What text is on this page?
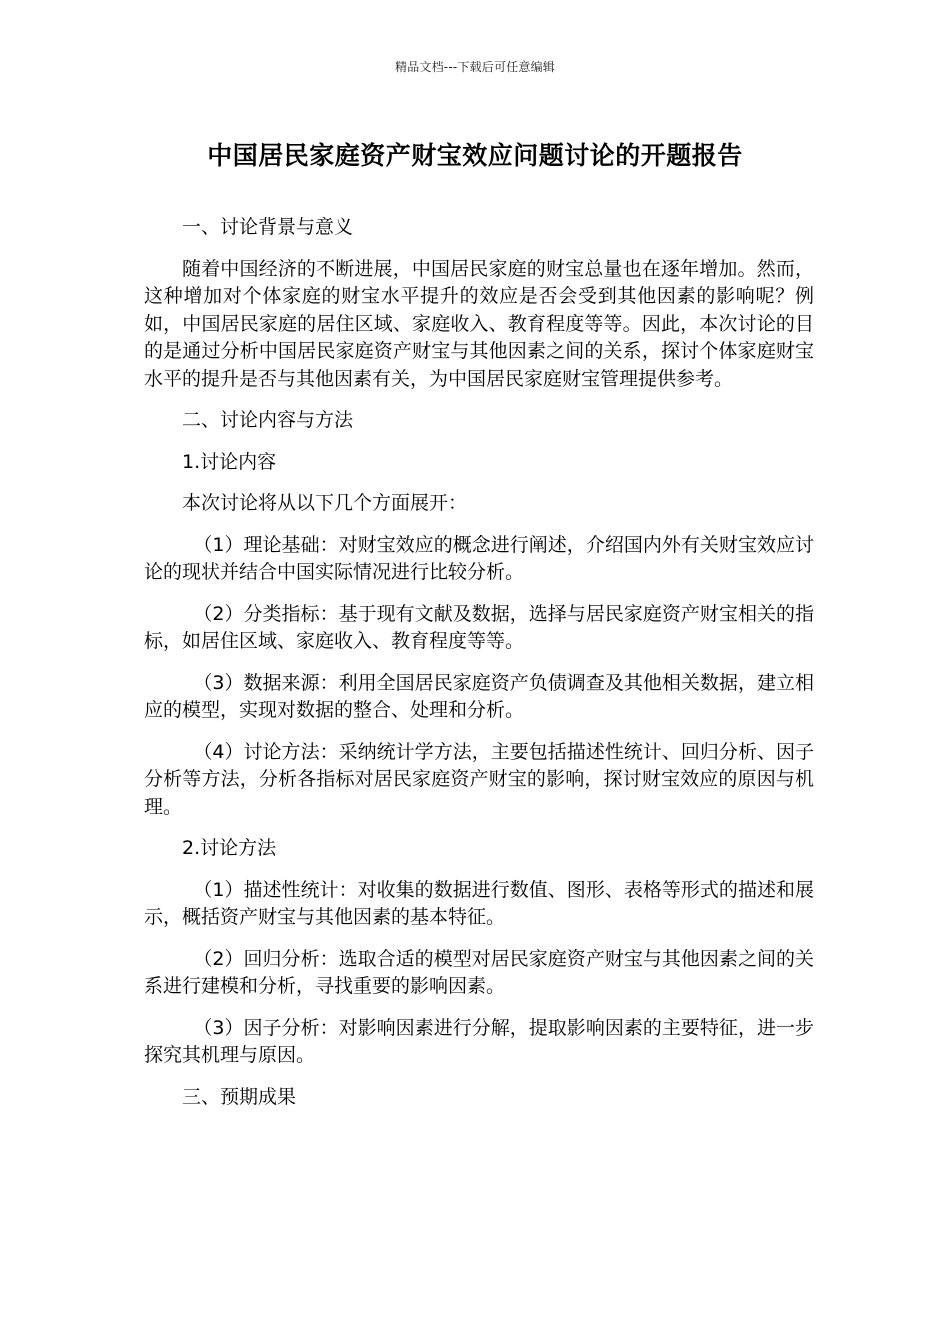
精品文档---下载后可任意编辑
中国居民家庭资产财宝效应问题讨论的开题报告

一、讨论背景与意义

随着中国经济的不断进展，中国居民家庭的财宝总量也在逐年增加。然而，这种增加对个体家庭的财宝水平提升的效应是否会受到其他因素的影响呢？例如，中国居民家庭的居住区域、家庭收入、教育程度等等。因此，本次讨论的目的是通过分析中国居民家庭资产财宝与其他因素之间的关系，探讨个体家庭财宝水平的提升是否与其他因素有关，为中国居民家庭财宝管理提供参考。

二、讨论内容与方法

1.讨论内容

本次讨论将从以下几个方面展开：

（1）理论基础：对财宝效应的概念进行阐述，介绍国内外有关财宝效应讨论的现状并结合中国实际情况进行比较分析。

（2）分类指标：基于现有文献及数据，选择与居民家庭资产财宝相关的指标，如居住区域、家庭收入、教育程度等等。

（3）数据来源：利用全国居民家庭资产负债调查及其他相关数据，建立相应的模型，实现对数据的整合、处理和分析。

（4）讨论方法：采纳统计学方法，主要包括描述性统计、回归分析、因子分析等方法，分析各指标对居民家庭资产财宝的影响，探讨财宝效应的原因与机理。

2.讨论方法

（1）描述性统计：对收集的数据进行数值、图形、表格等形式的描述和展示，概括资产财宝与其他因素的基本特征。

（2）回归分析：选取合适的模型对居民家庭资产财宝与其他因素之间的关系进行建模和分析，寻找重要的影响因素。

（3）因子分析：对影响因素进行分解，提取影响因素的主要特征，进一步探究其机理与原因。

三、预期成果
